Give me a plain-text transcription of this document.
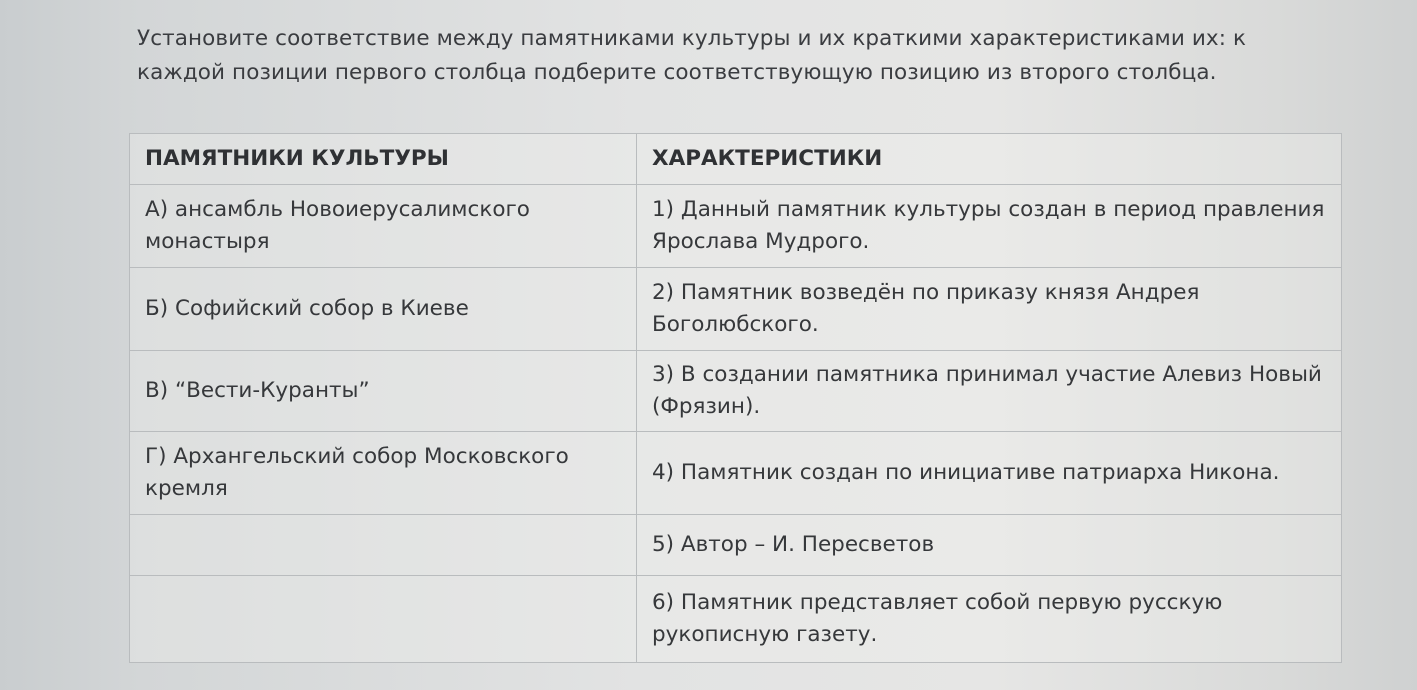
Установите соответствие между памятниками культуры и их краткими характеристиками их: к каждой позиции первого столбца подберите соответствующую позицию из второго столбца.
ПАМЯТНИКИ КУЛЬТУРЫ	ХАРАКТЕРИСТИКИ
А) ансамбль Новоиерусалимского монастыря	1) Данный памятник культуры создан в период правления Ярослава Мудрого.
Б) Софийский собор в Киеве	2) Памятник возведён по приказу князя Андрея Боголюбского.
В) “Вести-Куранты”	3) В создании памятника принимал участие Алевиз Новый (Фрязин).
Г) Архангельский собор Московского кремля	4) Памятник создан по инициативе патриарха Никона.
	5) Автор – И. Пересветов
	6) Памятник представляет собой первую русскую рукописную газету.
